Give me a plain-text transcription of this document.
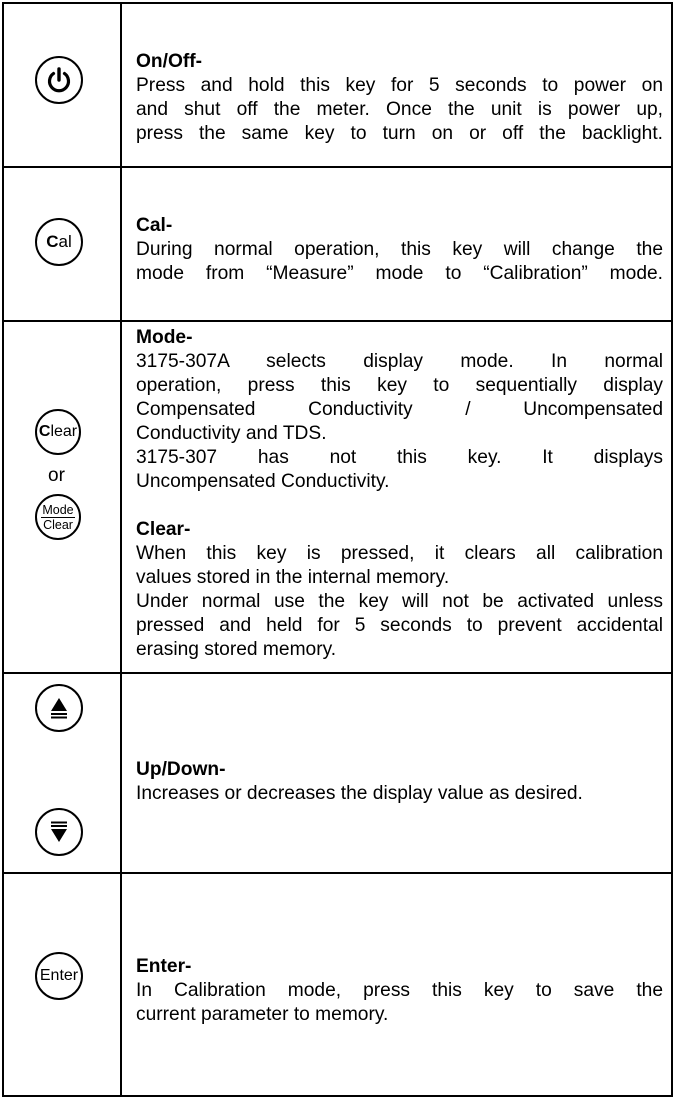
On/Off-
Press and hold this key for 5 seconds to power on
and shut off the meter. Once the unit is power up,
press the same key to turn on or off the backlight.
C al
Cal-
During normal operation, this key will change the
mode from “Measure” mode to “Calibration” mode.
C lear
or
Mode
Clear
Mode-
3175-307A selects display mode. In normal
operation, press this key to sequentially display
Compensated Conductivity / Uncompensated
Conductivity and TDS.
3175-307 has not this key. It displays
Uncompensated Conductivity.
Clear-
When this key is pressed, it clears all calibration
values stored in the internal memory.
Under normal use the key will not be activated unless
pressed and held for 5 seconds to prevent accidental
erasing stored memory.
Up/Down-
Increases or decreases the display value as desired.
Enter	Enter-
In Calibration mode, press this key to save the
current parameter to memory.
